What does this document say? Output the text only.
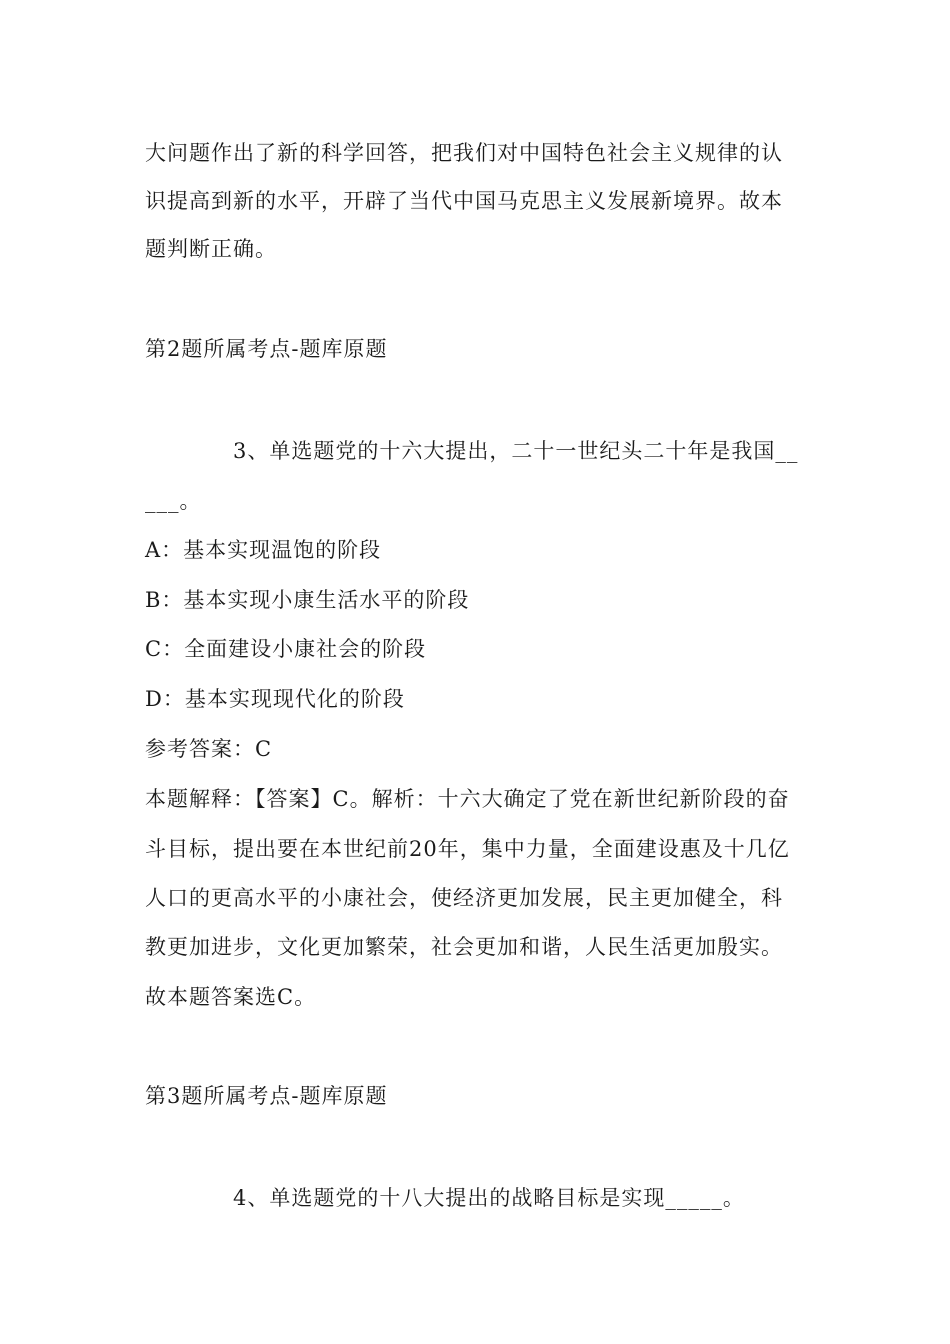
大问题作出了新的科学回答，把我们对中国特色社会主义规律的认
识提高到新的水平，开辟了当代中国马克思主义发展新境界。故本
题判断正确。
第2题所属考点-题库原题
3、单选题党的十六大提出，二十一世纪头二十年是我国__
___。
A：基本实现温饱的阶段
B：基本实现小康生活水平的阶段
C：全面建设小康社会的阶段
D：基本实现现代化的阶段
参考答案：C
本题解释：【答案】C。解析：十六大确定了党在新世纪新阶段的奋
斗目标，提出要在本世纪前20年，集中力量，全面建设惠及十几亿
人口的更高水平的小康社会，使经济更加发展，民主更加健全，科
教更加进步，文化更加繁荣，社会更加和谐，人民生活更加殷实。
故本题答案选C。
第3题所属考点-题库原题
4、单选题党的十八大提出的战略目标是实现_____。
